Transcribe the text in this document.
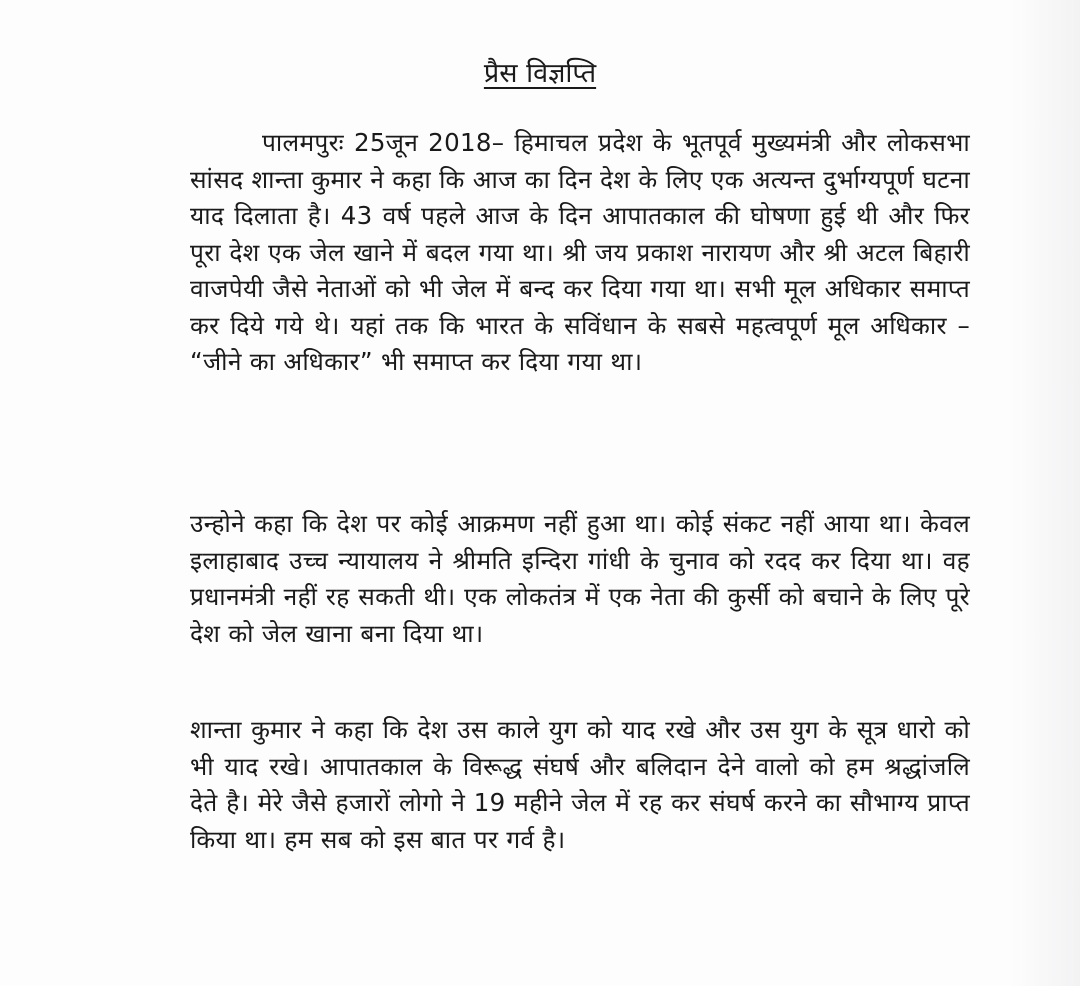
प्रैस विज्ञप्ति

पालमपुरः 25जून 2018– हिमाचल प्रदेश के भूतपूर्व मुख्यमंत्री और लोकसभा सांसद शान्ता कुमार ने कहा कि आज का दिन देश के लिए एक अत्यन्त दुर्भाग्यपूर्ण घटना याद दिलाता है। 43 वर्ष पहले आज के दिन आपातकाल की घोषणा हुई थी और फिर पूरा देश एक जेल खाने में बदल गया था। श्री जय प्रकाश नारायण और श्री अटल बिहारी वाजपेयी जैसे नेताओं को भी जेल में बन्द कर दिया गया था। सभी मूल अधिकार समाप्त कर दिये गये थे। यहां तक कि भारत के सविंधान के सबसे महत्वपूर्ण मूल अधिकार – “जीने का अधिकार” भी समाप्त कर दिया गया था।

उन्होने कहा कि देश पर कोई आक्रमण नहीं हुआ था। कोई संकट नहीं आया था। केवल इलाहाबाद उच्च न्यायालय ने श्रीमति इन्दिरा गांधी के चुनाव को रदद कर दिया था। वह प्रधानमंत्री नहीं रह सकती थी। एक लोकतंत्र में एक नेता की कुर्सी को बचाने के लिए पूरे देश को जेल खाना बना दिया था।

शान्ता कुमार ने कहा कि देश उस काले युग को याद रखे और उस युग के सूत्र धारो को भी याद रखे। आपातकाल के विरूद्ध संघर्ष और बलिदान देने वालो को हम श्रद्धांजलि देते है। मेरे जैसे हजारों लोगो ने 19 महीने जेल में रह कर संघर्ष करने का सौभाग्य प्राप्त किया था। हम सब को इस बात पर गर्व है।
